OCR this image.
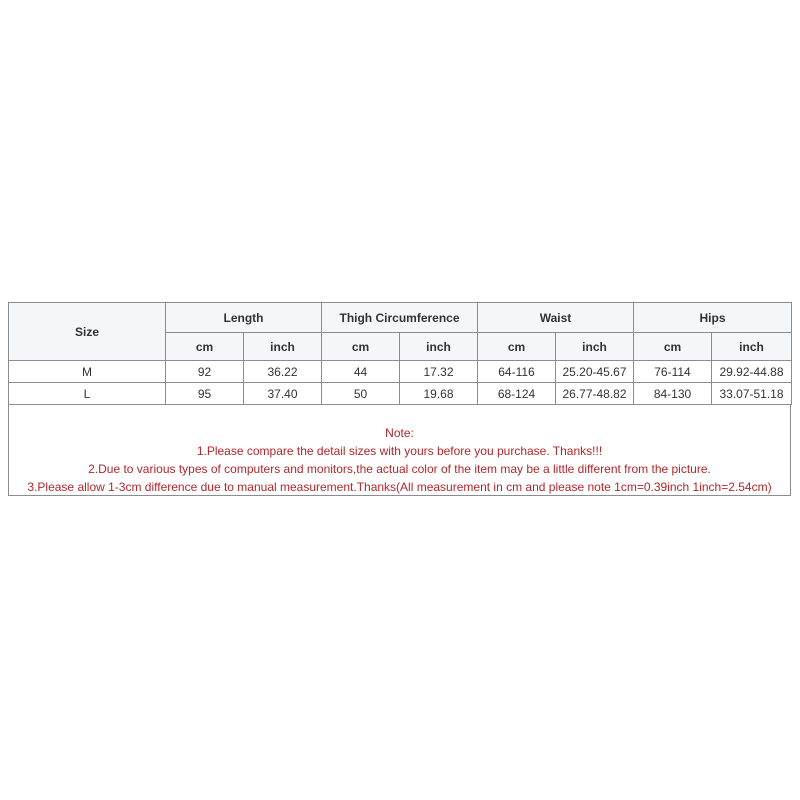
Size	Length		Thigh Circumference		Waist		Hips	
	cm	inch	cm	inch	cm	inch	cm	inch
M	92	36.22	44	17.32	64-116	25.20-45.67	76-114	29.92-44.88
L	95	37.40	50	19.68	68-124	26.77-48.82	84-130	33.07-51.18
Note:
1.Please compare the detail sizes with yours before you purchase. Thanks!!!
2.Due to various types of computers and monitors,the actual color of the item may be a little different from the picture.
3.Please allow 1-3cm difference due to manual measurement.Thanks(All measurement in cm and please note 1cm=0.39inch 1inch=2.54cm)
